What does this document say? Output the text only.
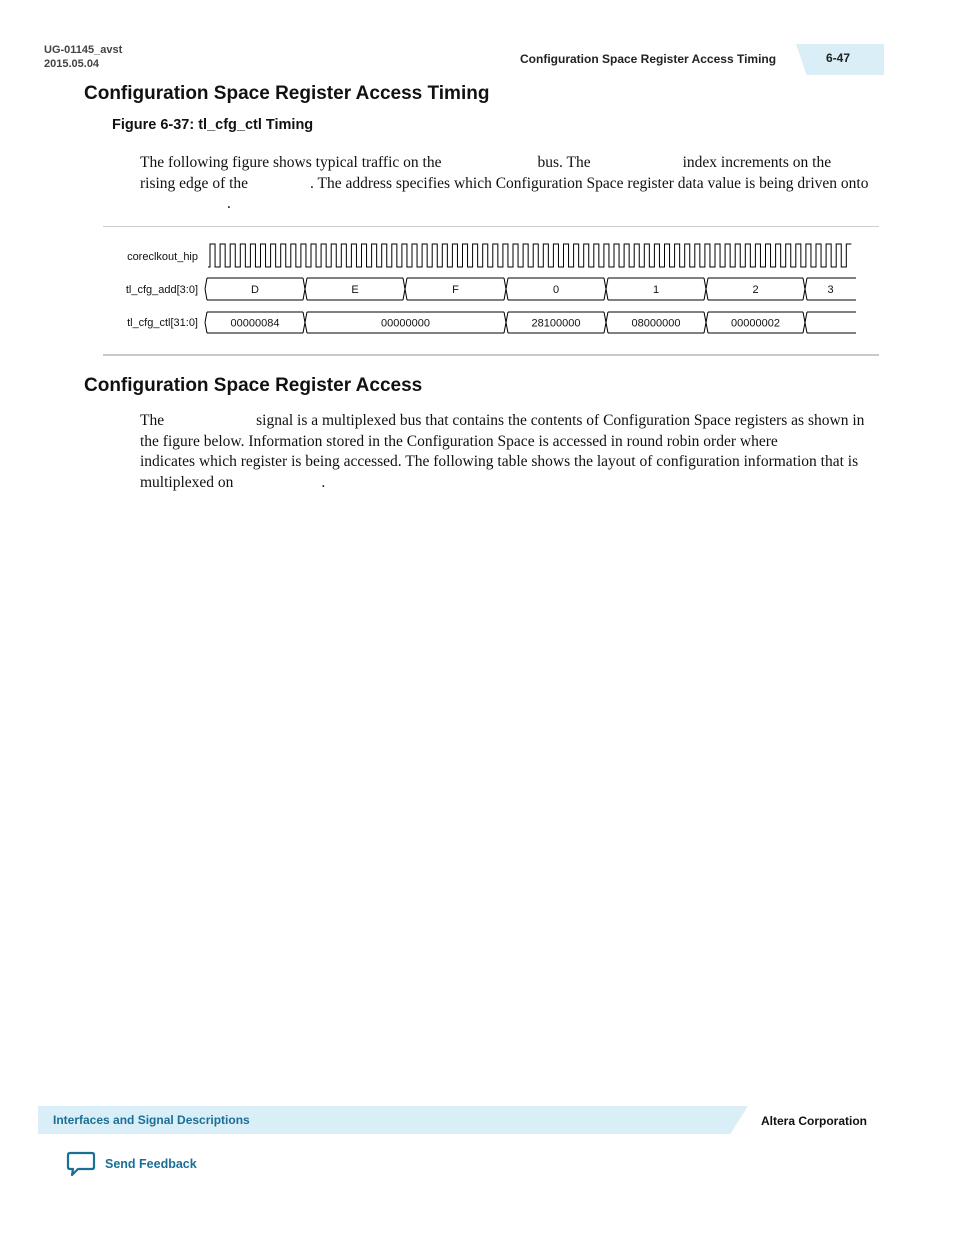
UG-01145_avst
2015.05.04	Configuration Space Register Access Timing	6-47
Configuration Space Register Access Timing
Figure 6-37: tl_cfg_ctl Timing

The following figure shows typical traffic on the	bus. The	index increments on the rising edge of the	. The address specifies which Configuration Space register data value is being driven onto.

coreclkout_hip
tl_cfg_add[3:0]
tl_cfg_ctl[31:0]
D	E	F	0	1	2	3
00000084	00000000	28100000	08000000	00000002
Configuration Space Register Access

The	signal is a multiplexed bus that contains the contents of Configuration Space registers as shown in the figure below. Information stored in the Configuration Space is accessed in round robin order whereindicates which register is being accessed. The following table shows the layout of configuration information that is multiplexed on	.

Interfaces and Signal Descriptions	Altera Corporation
Send Feedback
